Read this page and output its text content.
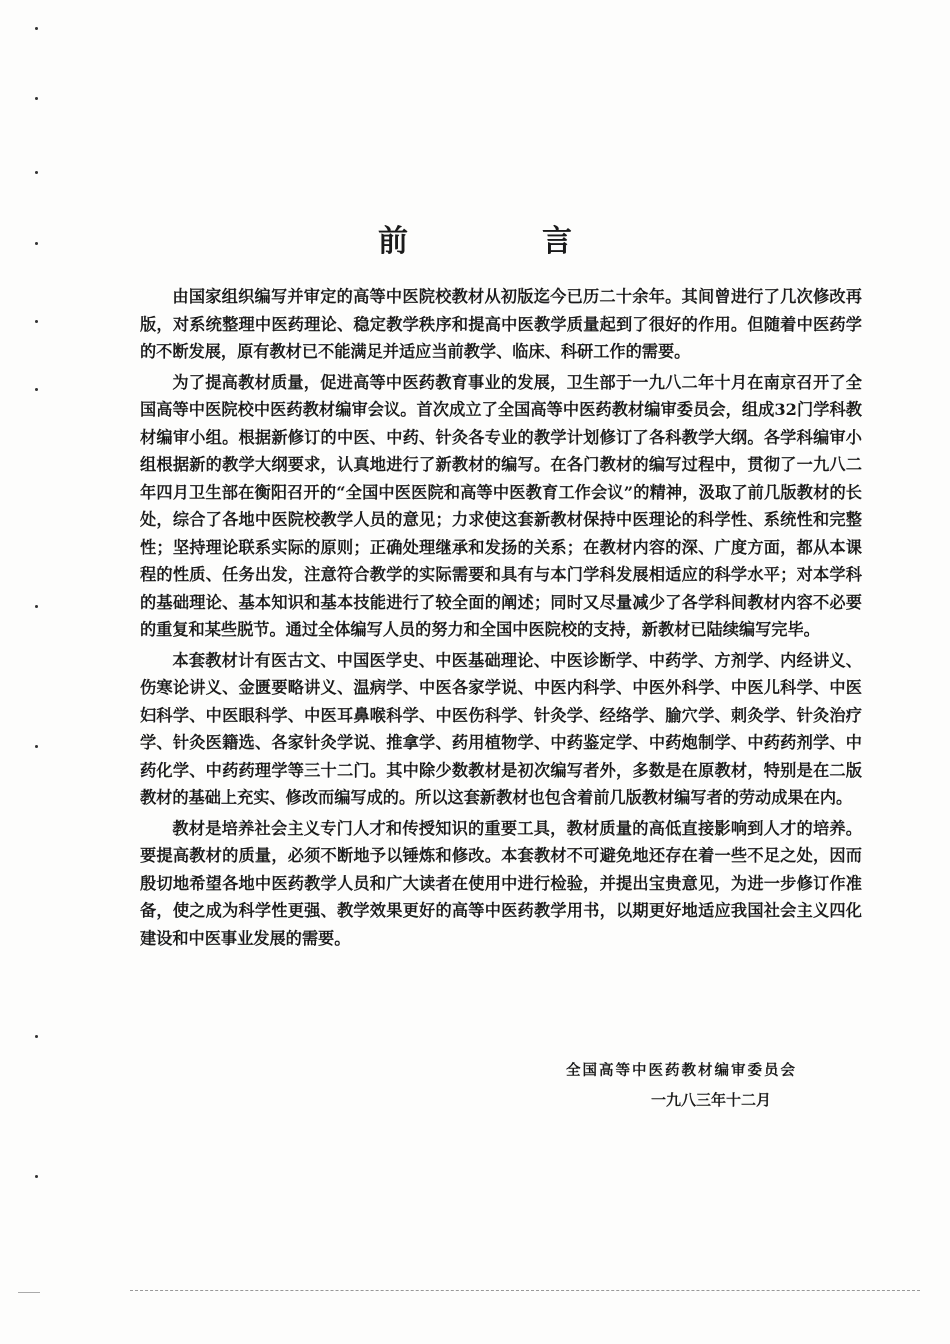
前　言

由国家组织编写并审定的高等中医院校教材从初版迄今已历二十余年。其间曾进行了几次修改再版，对系统整理中医药理论、稳定教学秩序和提高中医教学质量起到了很好的作用。但随着中医药学的不断发展，原有教材已不能满足并适应当前教学、临床、科研工作的需要。

为了提高教材质量，促进高等中医药教育事业的发展，卫生部于一九八二年十月在南京召开了全国高等中医院校中医药教材编审会议。首次成立了全国高等中医药教材编审委员会，组成32门学科教材编审小组。根据新修订的中医、中药、针灸各专业的教学计划修订了各科教学大纲。各学科编审小组根据新的教学大纲要求，认真地进行了新教材的编写。在各门教材的编写过程中，贯彻了一九八二年四月卫生部在衡阳召开的“全国中医医院和高等中医教育工作会议”的精神，汲取了前几版教材的长处，综合了各地中医院校教学人员的意见；力求使这套新教材保持中医理论的科学性、系统性和完整性；坚持理论联系实际的原则；正确处理继承和发扬的关系；在教材内容的深、广度方面，都从本课程的性质、任务出发，注意符合教学的实际需要和具有与本门学科发展相适应的科学水平；对本学科的基础理论、基本知识和基本技能进行了较全面的阐述；同时又尽量减少了各学科间教材内容不必要的重复和某些脱节。通过全体编写人员的努力和全国中医院校的支持，新教材已陆续编写完毕。

本套教材计有医古文、中国医学史、中医基础理论、中医诊断学、中药学、方剂学、内经讲义、伤寒论讲义、金匮要略讲义、温病学、中医各家学说、中医内科学、中医外科学、中医儿科学、中医妇科学、中医眼科学、中医耳鼻喉科学、中医伤科学、针灸学、经络学、腧穴学、刺灸学、针灸治疗学、针灸医籍选、各家针灸学说、推拿学、药用植物学、中药鉴定学、中药炮制学、中药药剂学、中药化学、中药药理学等三十二门。其中除少数教材是初次编写者外，多数是在原教材，特别是在二版教材的基础上充实、修改而编写成的。所以这套新教材也包含着前几版教材编写者的劳动成果在内。

教材是培养社会主义专门人才和传授知识的重要工具，教材质量的高低直接影响到人才的培养。要提高教材的质量，必须不断地予以锤炼和修改。本套教材不可避免地还存在着一些不足之处，因而殷切地希望各地中医药教学人员和广大读者在使用中进行检验，并提出宝贵意见，为进一步修订作准备，使之成为科学性更强、教学效果更好的高等中医药教学用书，以期更好地适应我国社会主义四化建设和中医事业发展的需要。

全国高等中医药教材编审委员会
一九八三年十二月
